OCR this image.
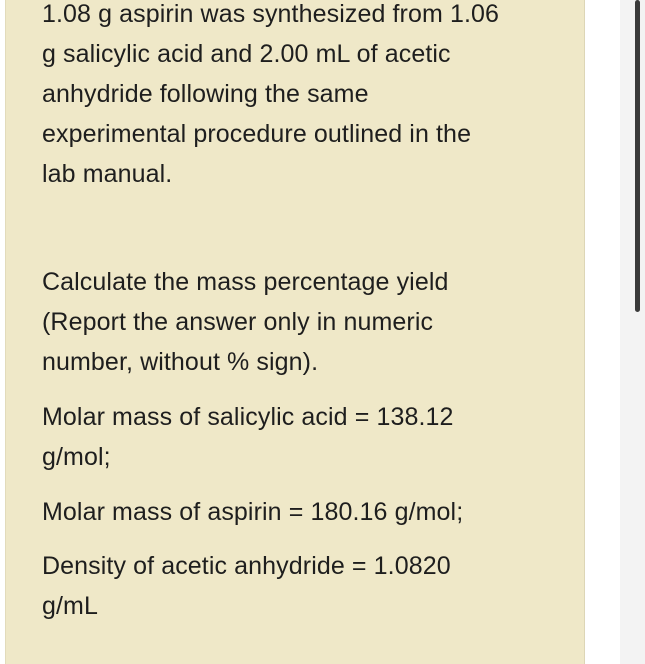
1.08 g aspirin was synthesized from 1.06
g salicylic acid and 2.00 mL of acetic
anhydride following the same
experimental procedure outlined in the
lab manual.

Calculate the mass percentage yield
(Report the answer only in numeric
number, without % sign).

Molar mass of salicylic acid = 138.12
g/mol;

Molar mass of aspirin = 180.16 g/mol;

Density of acetic anhydride = 1.0820
g/mL
